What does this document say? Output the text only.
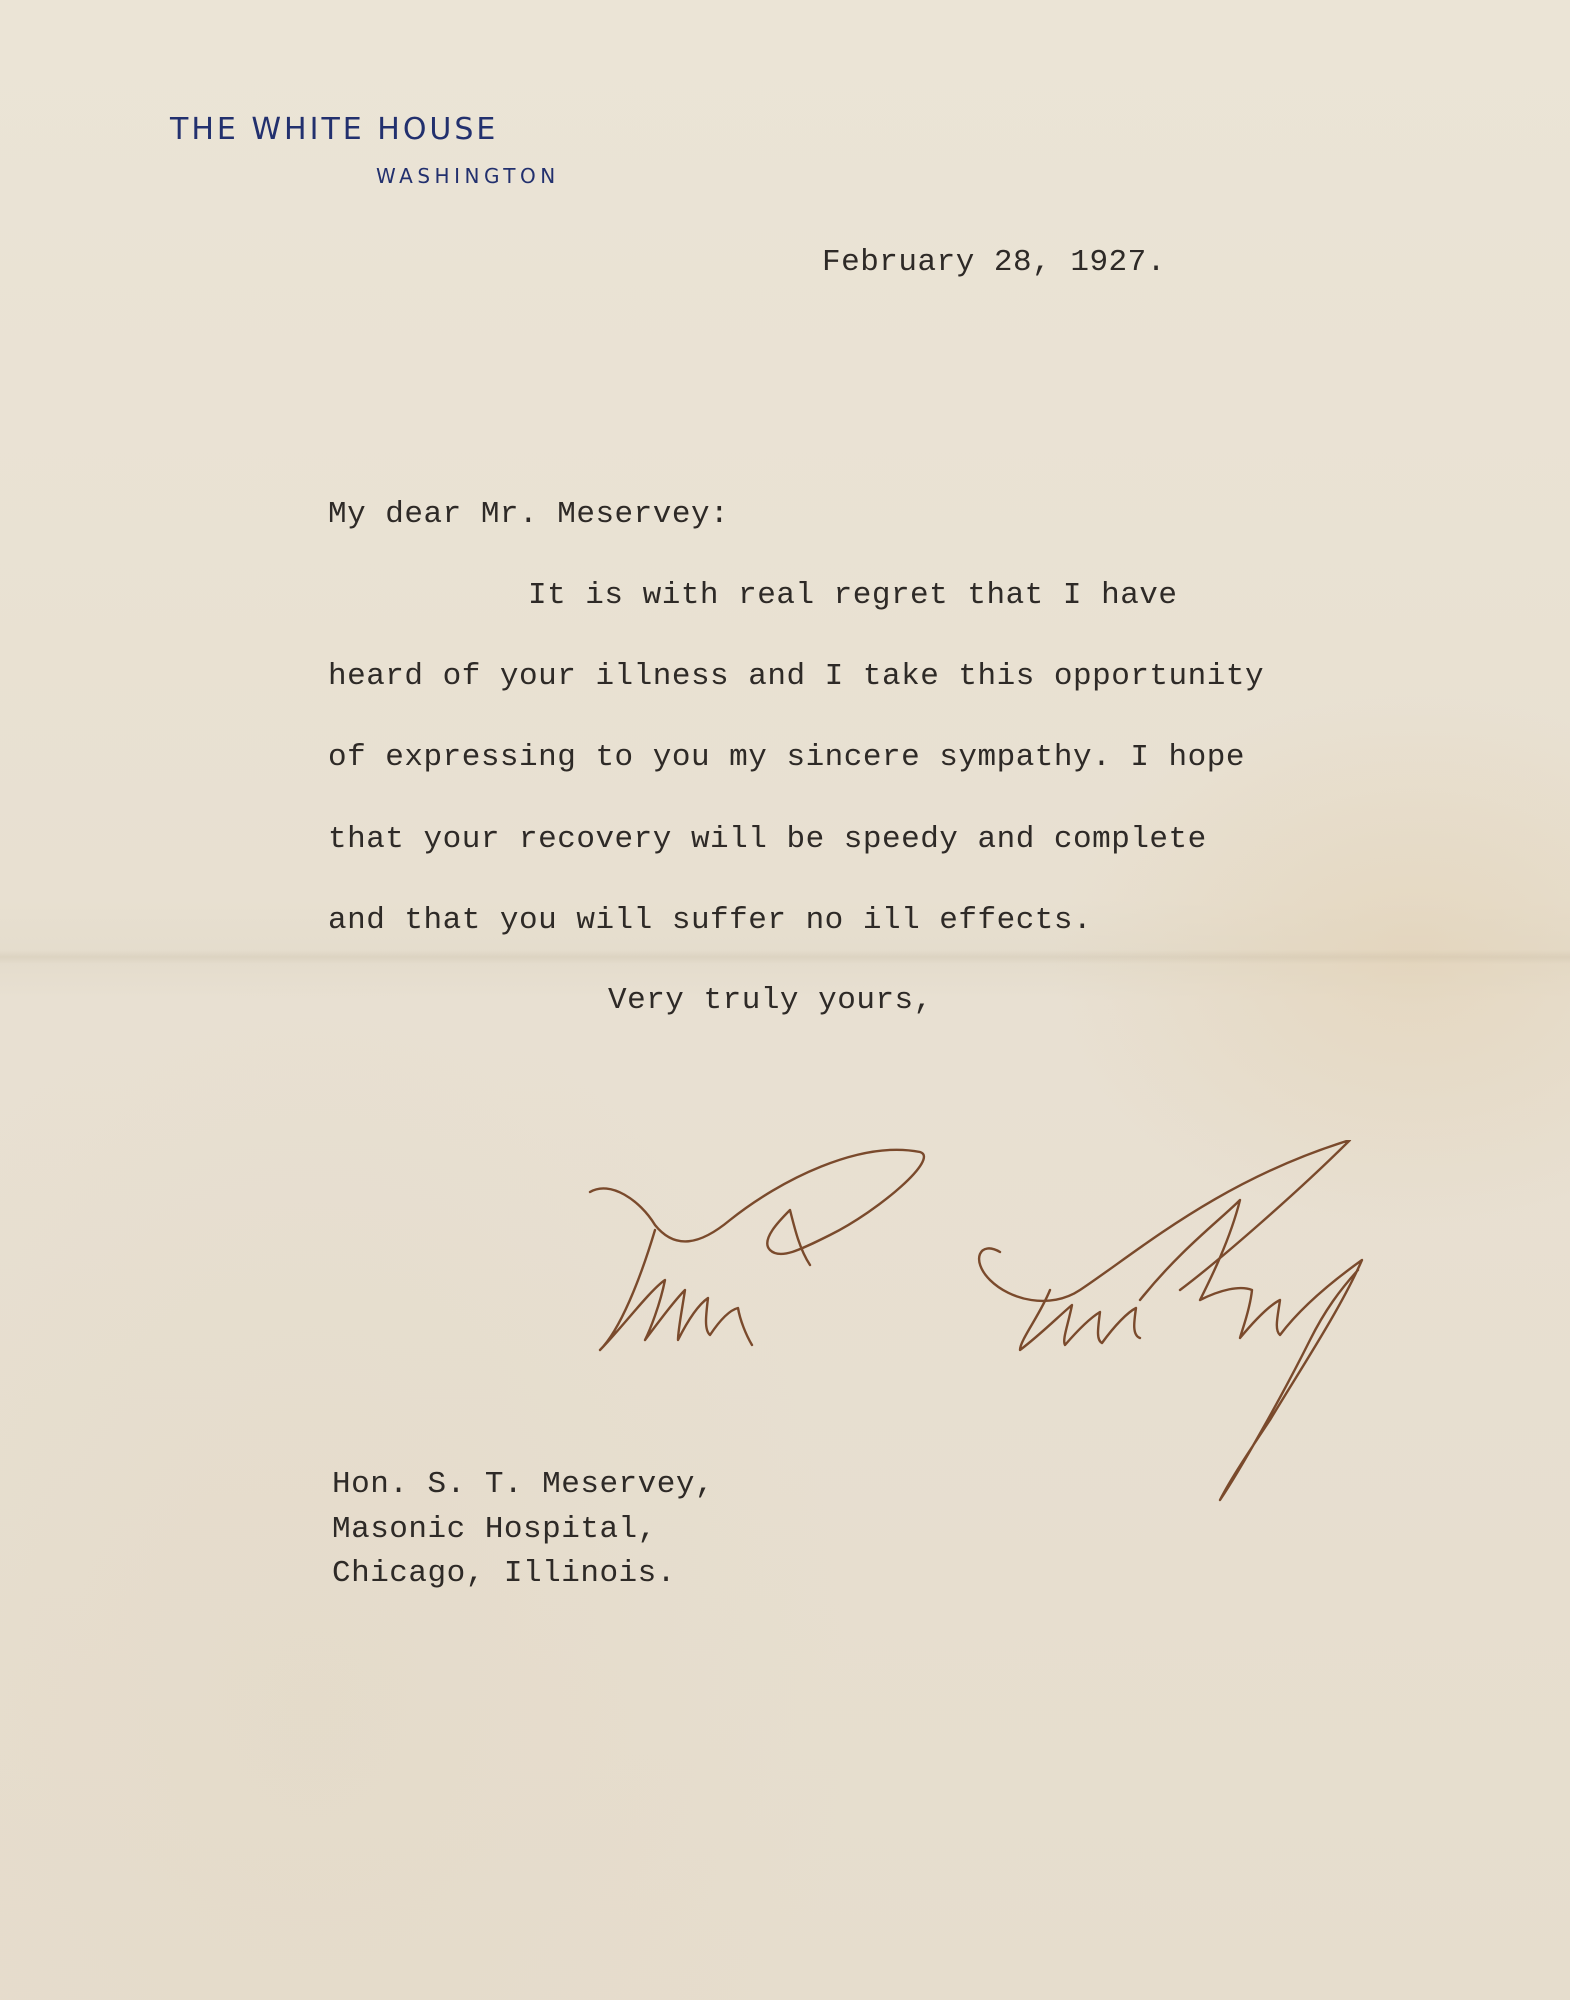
THE WHITE HOUSE
WASHINGTON
February 28, 1927.
My dear Mr. Meservey:
It is with real regret that I have
heard of your illness and I take this opportunity
of expressing to you my sincere sympathy. I hope
that your recovery will be speedy and complete
and that you will suffer no ill effects.
Very truly yours,
Hon. S. T. Meservey,
Masonic Hospital,
Chicago, Illinois.
